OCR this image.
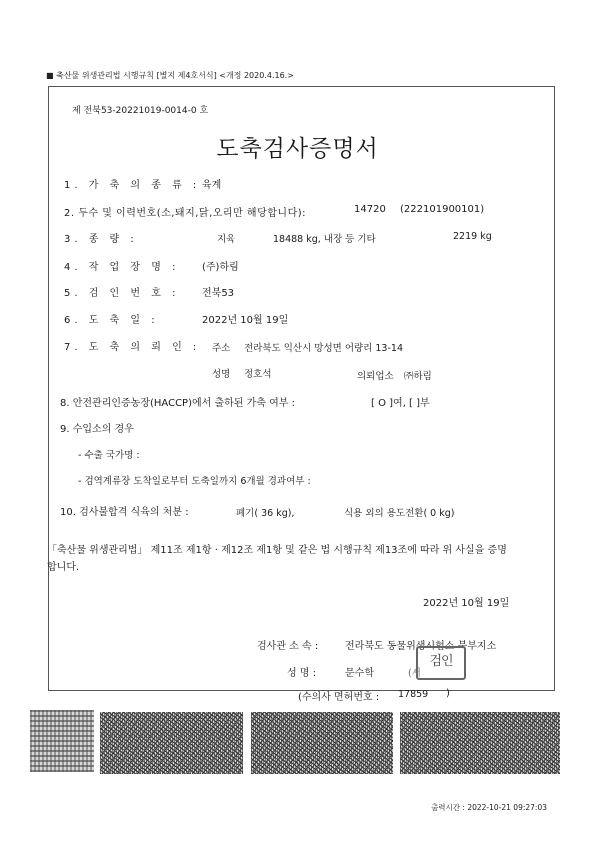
■ 축산물 위생관리법 시행규칙 [별지 제4호서식] <개정 2020.4.16.>
제 전북53-20221019-0014-0 호
도축검사증명서
1. 가 축 의 종 류 : 육계
2. 두수 및 이력번호(소,돼지,닭,오리만 해당합니다):	14720 (222101900101)
3. 종 량 :	지육	18488 kg, 내장 등 기타	2219 kg
4. 작 업 장 명 : (주)하림
5. 검 인 번 호 : 전북53
6. 도 축 일 :	2022년 10월 19일
7. 도 축 의 뢰 인 : 주소 전라북도 익산시 망성면 어량리 13-14
성명 정호석	의뢰업소 ㈜하림
8. 안전관리인증농장(HACCP)에서 출하된 가축 여부 :	[ O ]여, [ ]부
9. 수입소의 경우
- 수출 국가명 :
- 검역계류장 도착일로부터 도축일까지 6개월 경과여부 :
10. 검사불합격 식육의 처분 :	폐기( 36 kg),	식용 외의 용도전환( 0 kg)
「축산물 위생관리법」 제11조 제1항 · 제12조 제1항 및 같은 법 시행규칙 제13조에 따라 위 사실을 증명
합니다.
2022년 10월 19일
검사관 소 속 :	전라북도 동물위생시험소 북부지소
성 명 :	문수학	(서
검인
(수의사 면허번호 : 17859 )
출력시간 : 2022-10-21 09:27:03
